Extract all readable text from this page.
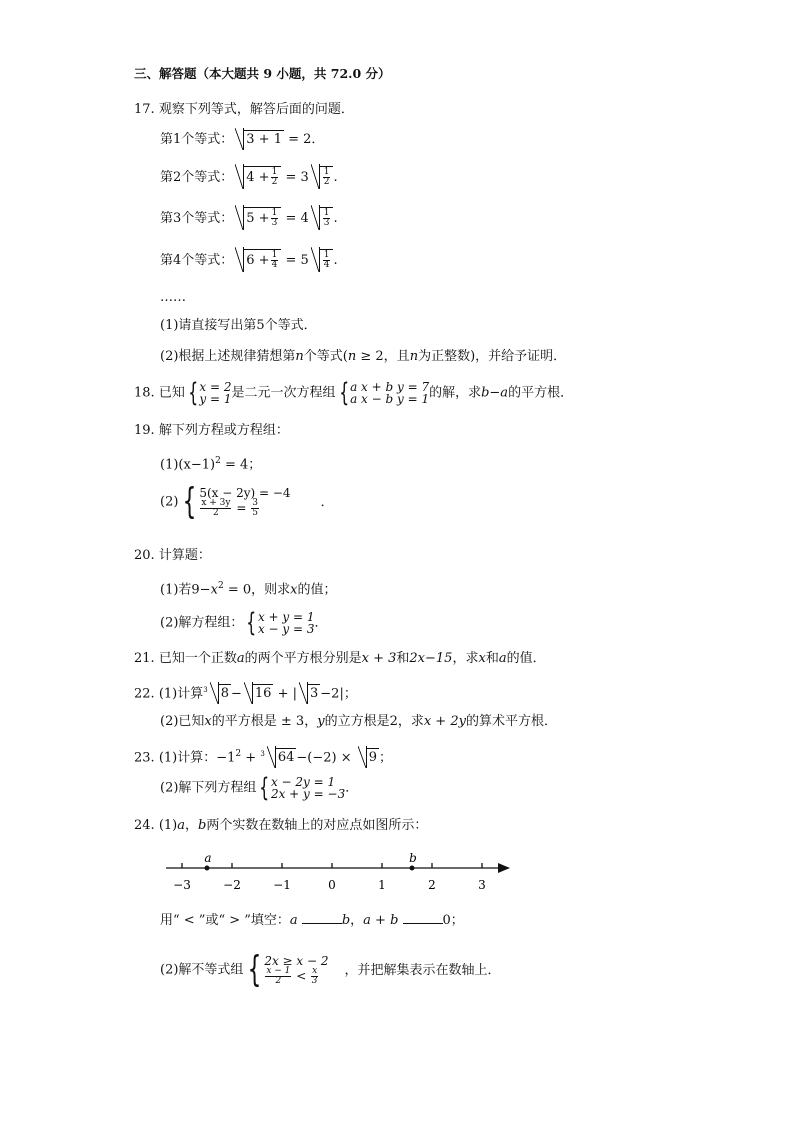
三、解答题（本大题共 9 小题，共 72.0 分）
17. 观察下列等式，解答后面的问题．
第1个等式： 3 + 1 = 2．
第2个等式： $4 + \frac{1}{2} = 3 \frac{1}{2}$ .
第3个等式： $5 + \frac{1}{3} = 4 \frac{1}{3}$ .
第4个等式： $6 + \frac{1}{4} = 5 \frac{1}{4}$ .
……
(1)请直接写出第5个等式．
(2)根据上述规律猜想第n个等式(n ≥ 2，且n为正整数)，并给予证明．
18. 已知 { x = 2
y = 1 是二元一次方程组 { a x + b y = 7
a x − b y = 1 的解，求b−a的平方根．
19. 解下列方程或方程组：
$(1)(x-1)^2 = 4$；
(2) { 5(x − 2y) = −4
$\frac{x + 3y}{2} = \frac{3}{5}$	．
20. 计算题：
(1)若$9-x^2 = 0$，则求x的值；
(2)解方程组： { x + y = 1
x − y = 3 ．
21. 已知一个正数a的两个平方根分别是x + 3和2x−15，求x和a的值．
22. (1)计算$^3$ 8 − 16 + | 3 −2|；
(2)已知x的平方根是 ± 3，y的立方根是2，求x + 2y的算术平方根．
23. (1)计算：$-1^2 + ^3$ 64 −(−2) × 9 ；
(2)解下列方程组 { x − 2y = 1
2x + y = −3 ．
24. (1)a，b两个实数在数轴上的对应点如图所示：
−3	−2	−1	0	1	2	3
a	b
用“ < ”或“ > ”填空：a	b，a + b	0；
(2)解不等式组 { 2x ≥ x − 2
$\frac{x - 1}{2} < \frac{x}{3}$ ，并把解集表示在数轴上．
